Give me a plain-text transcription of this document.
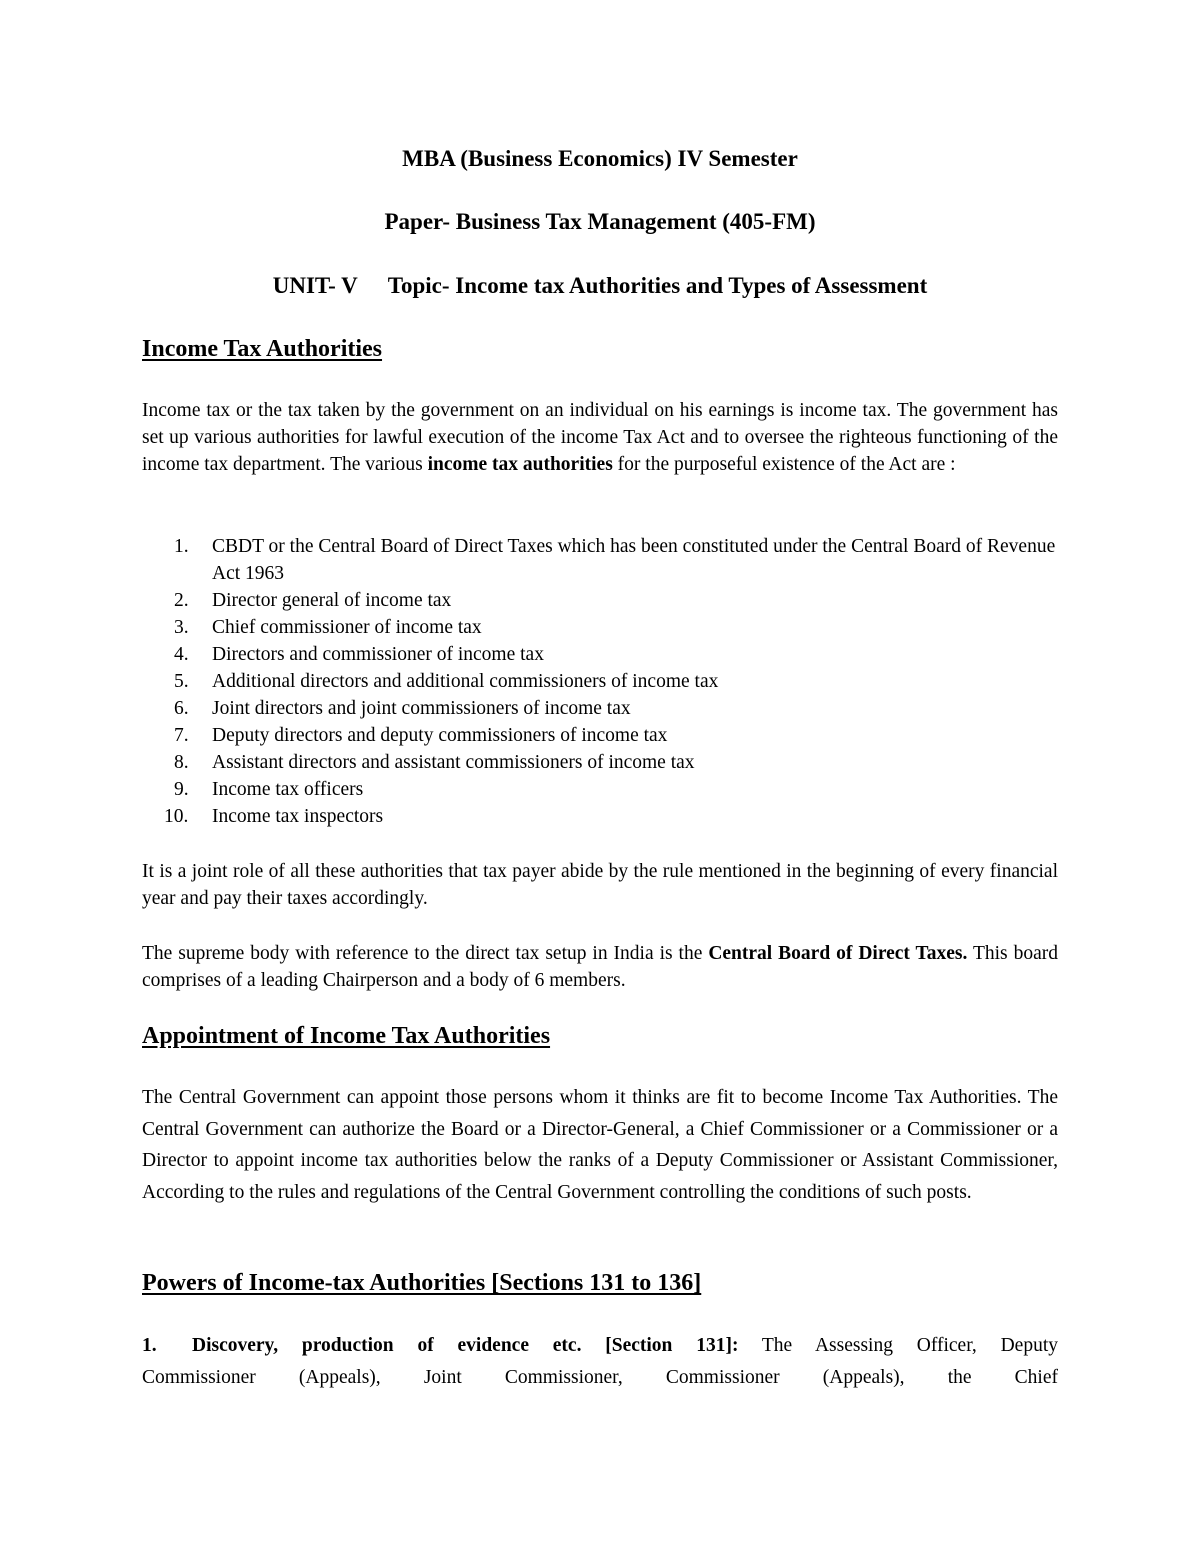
MBA (Business Economics) IV Semester
Paper- Business Tax Management (405-FM)
UNIT- V Topic- Income tax Authorities and Types of Assessment
Income Tax Authorities

Income tax or the tax taken by the government on an individual on his earnings is income tax. The government has set up various authorities for lawful execution of the income Tax Act and to oversee the righteous functioning of the income tax department. The various income tax authorities for the purposeful existence of the Act are :

1. CBDT or the Central Board of Direct Taxes which has been constituted under the Central Board of Revenue Act 1963
2. Director general of income tax
3. Chief commissioner of income tax
4. Directors and commissioner of income tax
5. Additional directors and additional commissioners of income tax
6. Joint directors and joint commissioners of income tax
7. Deputy directors and deputy commissioners of income tax
8. Assistant directors and assistant commissioners of income tax
9. Income tax officers
10. Income tax inspectors

It is a joint role of all these authorities that tax payer abide by the rule mentioned in the beginning of every financial year and pay their taxes accordingly.

The supreme body with reference to the direct tax setup in India is the Central Board of Direct Taxes. This board comprises of a leading Chairperson and a body of 6 members.

Appointment of Income Tax Authorities

The Central Government can appoint those persons whom it thinks are fit to become Income Tax Authorities. The Central Government can authorize the Board or a Director-General, a Chief Commissioner or a Commissioner or a Director to appoint income tax authorities below the ranks of a Deputy Commissioner or Assistant Commissioner, According to the rules and regulations of the Central Government controlling the conditions of such posts.

Powers of Income-tax Authorities [Sections 131 to 136]

1. Discovery, production of evidence etc. [Section 131]: The Assessing Officer, Deputy

Commissioner (Appeals), Joint Commissioner, Commissioner (Appeals), the Chief
